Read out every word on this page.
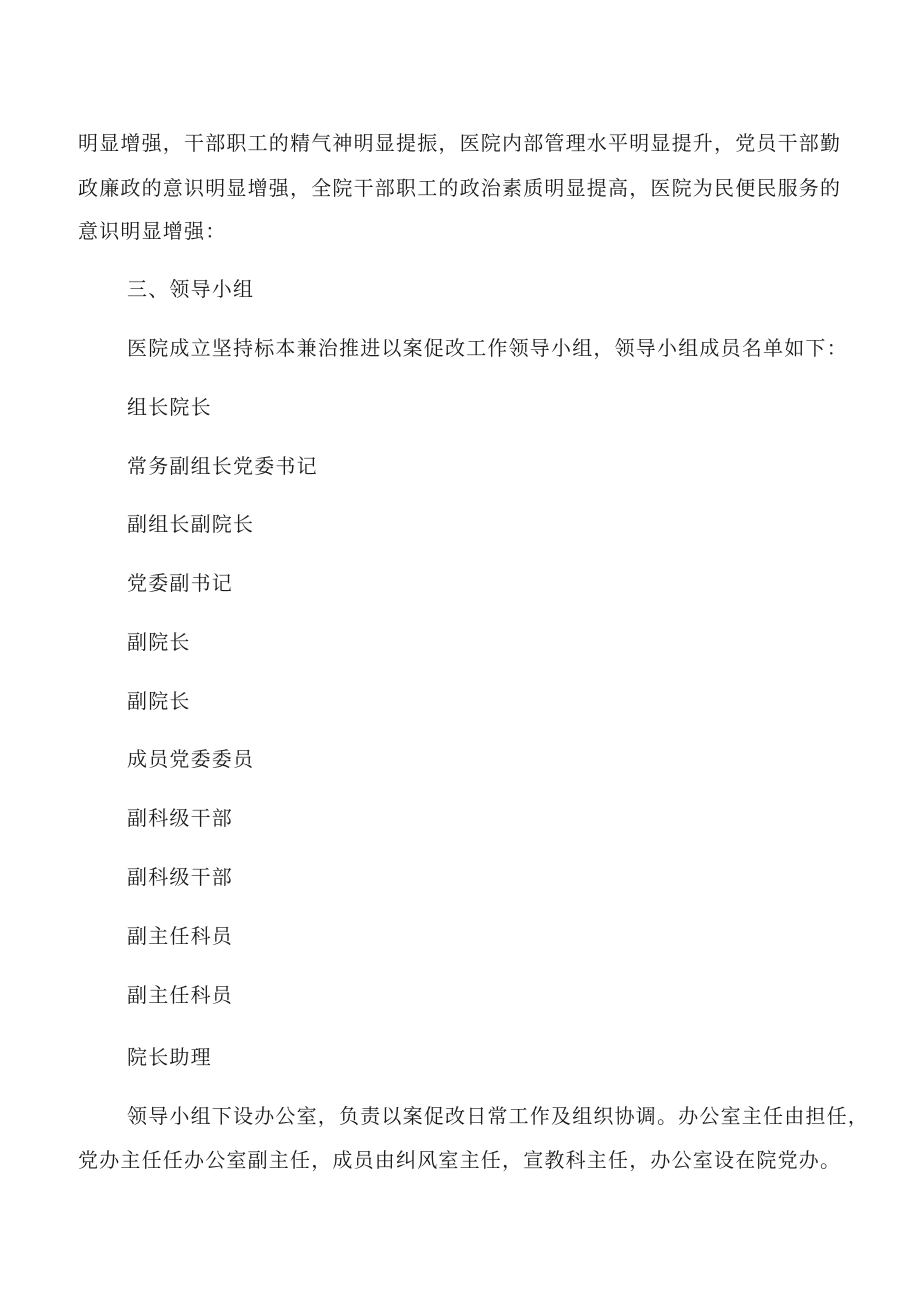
明显增强，干部职工的精气神明显提振，医院内部管理水平明显提升，党员干部勤
政廉政的意识明显增强，全院干部职工的政治素质明显提高，医院为民便民服务的
意识明显增强：
三、领导小组
医院成立坚持标本兼治推进以案促改工作领导小组，领导小组成员名单如下：
组长院长
常务副组长党委书记
副组长副院长
党委副书记
副院长
副院长
成员党委委员
副科级干部
副科级干部
副主任科员
副主任科员
院长助理
领导小组下设办公室，负责以案促改日常工作及组织协调。办公室主任由担任，
党办主任任办公室副主任，成员由纠风室主任，宣教科主任，办公室设在院党办。
